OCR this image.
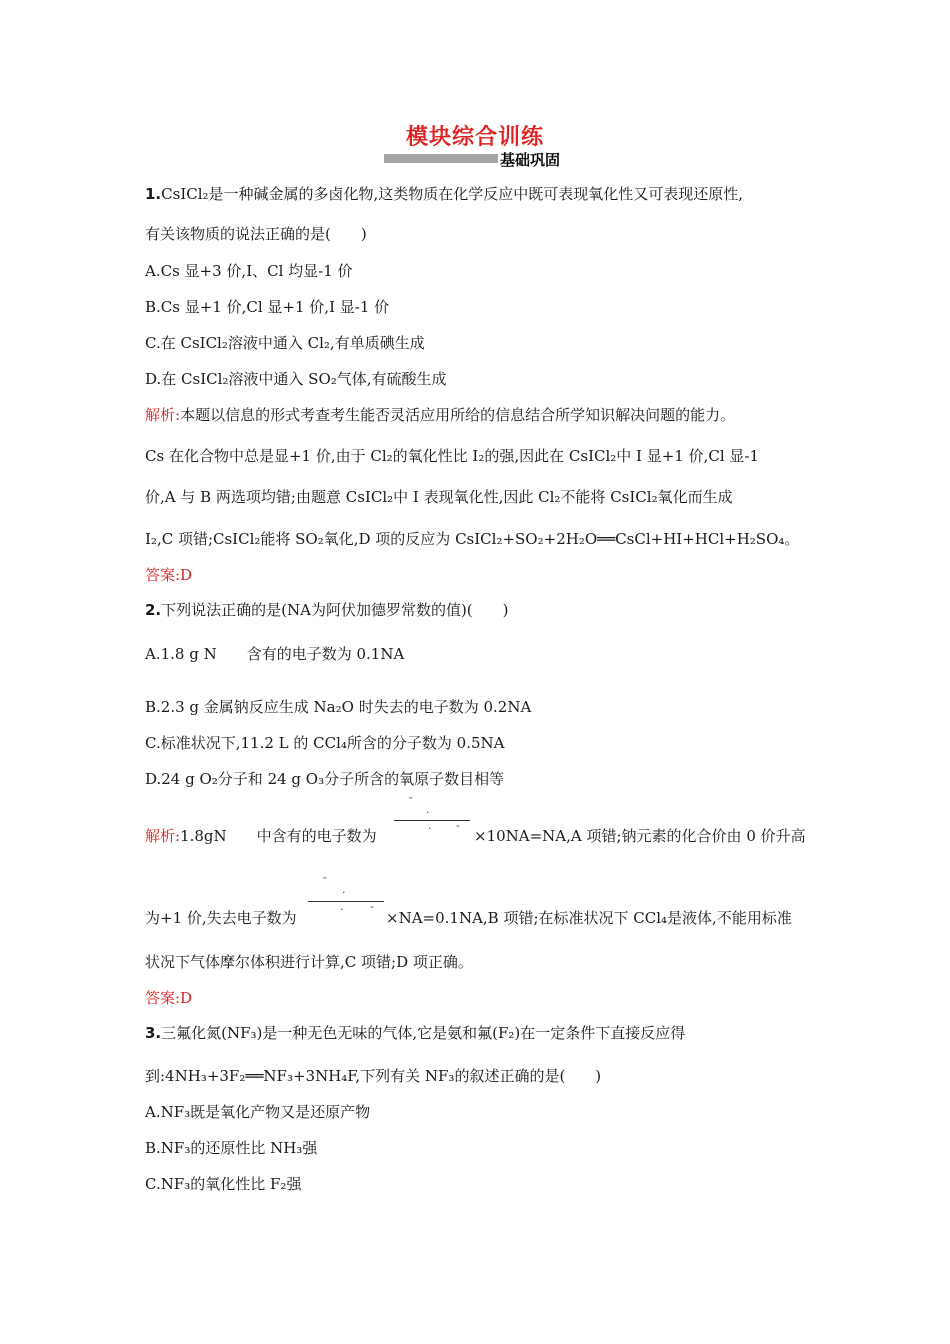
模块综合训练
基础巩固
1.CsICl₂是一种碱金属的多卤化物,这类物质在化学反应中既可表现氧化性又可表现还原性,
有关该物质的说法正确的是(　　)
A.Cs 显+3 价,I、Cl 均显-1 价
B.Cs 显+1 价,Cl 显+1 价,I 显-1 价
C.在 CsICl₂溶液中通入 Cl₂,有单质碘生成
D.在 CsICl₂溶液中通入 SO₂气体,有硫酸生成
解析:本题以信息的形式考查考生能否灵活应用所给的信息结合所学知识解决问题的能力。
Cs 在化合物中总是显+1 价,由于 Cl₂的氧化性比 I₂的强,因此在 CsICl₂中 I 显+1 价,Cl 显-1
价,A 与 B 两选项均错;由题意 CsICl₂中 I 表现氧化性,因此 Cl₂不能将 CsICl₂氧化而生成
I₂,C 项错;CsICl₂能将 SO₂氧化,D 项的反应为 CsICl₂+SO₂+2H₂O══CsCl+HI+HCl+H₂SO₄。
答案:D
2.下列说法正确的是(NA为阿伏加德罗常数的值)(　　)
A.1.8 g N　　含有的电子数为 0.1NA
B.2.3 g 金属钠反应生成 Na₂O 时失去的电子数为 0.2NA
C.标准状况下,11.2 L 的 CCl₄所含的分子数为 0.5NA
D.24 g O₂分子和 24 g O₃分子所含的氧原子数目相等
解析:1.8gN　　中含有的电子数为
˘
·
· -
×10NA=NA,A 项错;钠元素的化合价由 0 价升高
为+1 价,失去电子数为
˘
·
· -
×NA=0.1NA,B 项错;在标准状况下 CCl₄是液体,不能用标准
状况下气体摩尔体积进行计算,C 项错;D 项正确。
答案:D
3.三氟化氮(NF₃)是一种无色无味的气体,它是氨和氟(F₂)在一定条件下直接反应得
到:4NH₃+3F₂══NF₃+3NH₄F,下列有关 NF₃的叙述正确的是(　　)
A.NF₃既是氧化产物又是还原产物
B.NF₃的还原性比 NH₃强
C.NF₃的氧化性比 F₂强
